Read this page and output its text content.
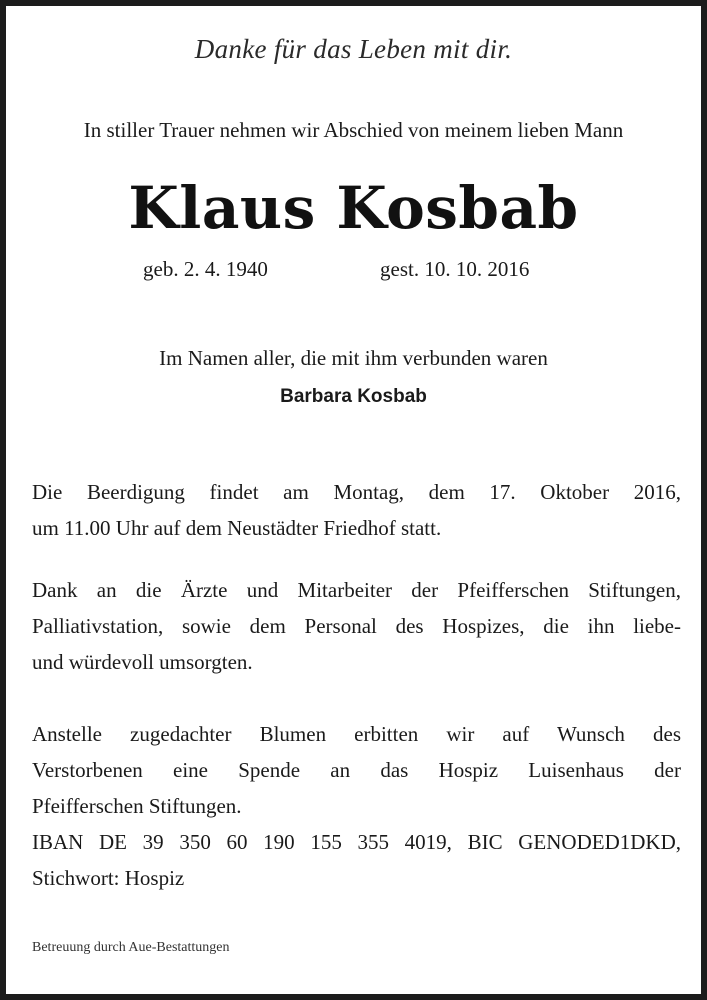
Danke für das Leben mit dir.
In stiller Trauer nehmen wir Abschied von meinem lieben Mann
Klaus Kosbab
geb. 2. 4. 1940	gest. 10. 10. 2016
Im Namen aller, die mit ihm verbunden waren
Barbara Kosbab
Die Beerdigung findet am Montag, dem 17. Oktober 2016,
um 11.00 Uhr auf dem Neustädter Friedhof statt.
Dank an die Ärzte und Mitarbeiter der Pfeifferschen Stiftungen,
Palliativstation, sowie dem Personal des Hospizes, die ihn liebe-
und würdevoll umsorgten.
Anstelle zugedachter Blumen erbitten wir auf Wunsch des
Verstorbenen eine Spende an das Hospiz Luisenhaus der
Pfeifferschen Stiftungen.
IBAN DE 39 350 60 190 155 355 4019, BIC GENODED1DKD,
Stichwort: Hospiz
Betreuung durch Aue-Bestattungen
